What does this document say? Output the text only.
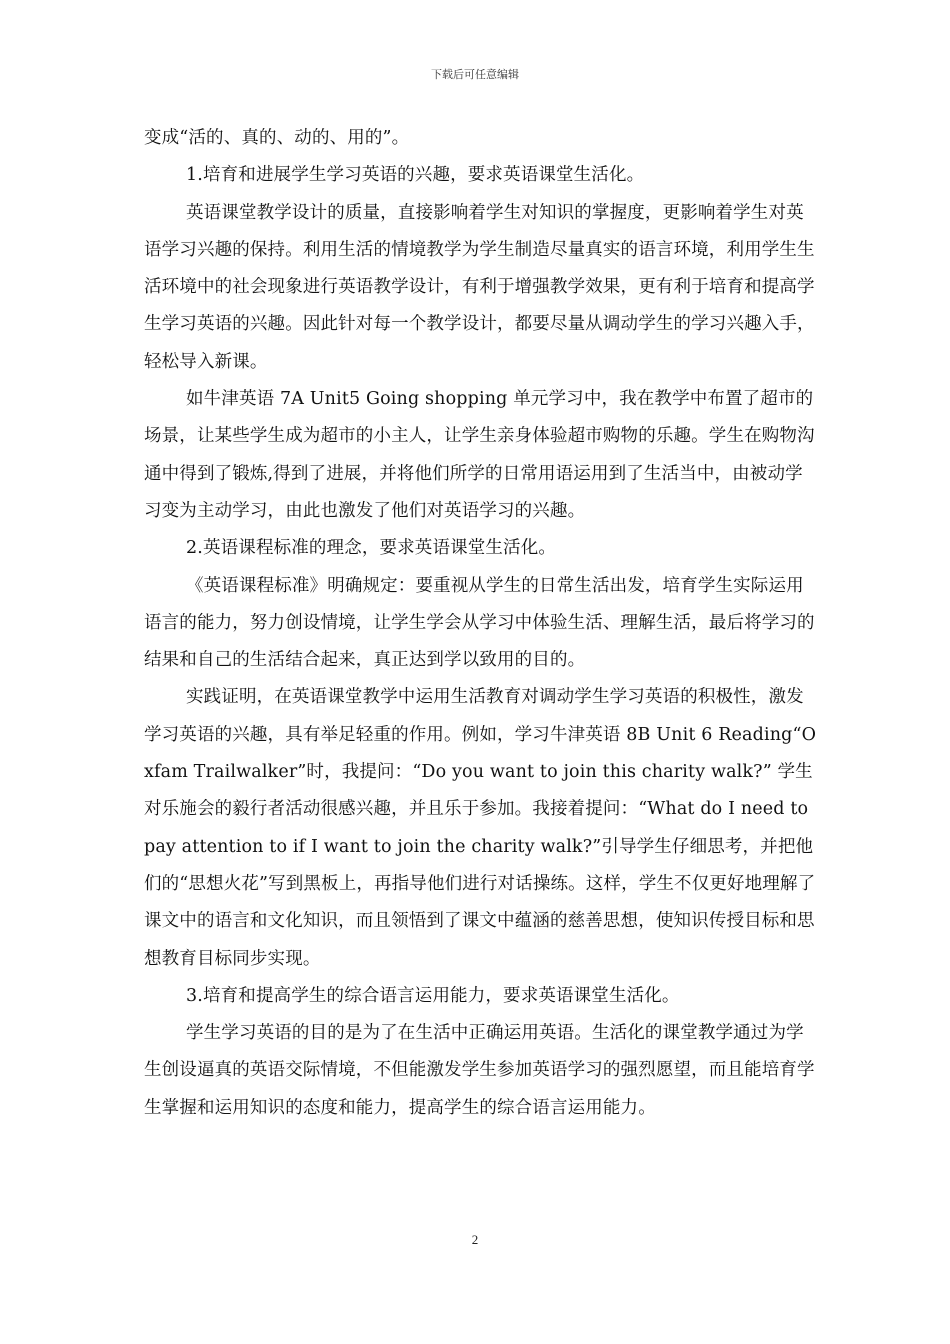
下载后可任意编辑

变成“活的、真的、动的、用的”。

1.培育和进展学生学习英语的兴趣，要求英语课堂生活化。

英语课堂教学设计的质量，直接影响着学生对知识的掌握度，更影响着学生对英语学习兴趣的保持。利用生活的情境教学为学生制造尽量真实的语言环境，利用学生生活环境中的社会现象进行英语教学设计，有利于增强教学效果，更有利于培育和提高学生学习英语的兴趣。因此针对每一个教学设计，都要尽量从调动学生的学习兴趣入手，轻松导入新课。

如牛津英语 7A Unit5 Going shopping 单元学习中，我在教学中布置了超市的场景，让某些学生成为超市的小主人，让学生亲身体验超市购物的乐趣。学生在购物沟通中得到了锻炼,得到了进展，并将他们所学的日常用语运用到了生活当中，由被动学习变为主动学习，由此也激发了他们对英语学习的兴趣。

2.英语课程标准的理念，要求英语课堂生活化。

《英语课程标准》明确规定：要重视从学生的日常生活出发，培育学生实际运用语言的能力，努力创设情境，让学生学会从学习中体验生活、理解生活，最后将学习的结果和自己的生活结合起来，真正达到学以致用的目的。

实践证明，在英语课堂教学中运用生活教育对调动学生学习英语的积极性，激发学习英语的兴趣，具有举足轻重的作用。例如，学习牛津英语 8B Unit 6 Reading“Oxfam Trailwalker”时，我提问：“Do you want to join this charity walk?” 学生对乐施会的毅行者活动很感兴趣，并且乐于参加。我接着提问：“What do I need to pay attention to if I want to join the charity walk?”引导学生仔细思考，并把他们的“思想火花”写到黑板上，再指导他们进行对话操练。这样，学生不仅更好地理解了课文中的语言和文化知识，而且领悟到了课文中蕴涵的慈善思想，使知识传授目标和思想教育目标同步实现。

3.培育和提高学生的综合语言运用能力，要求英语课堂生活化。

学生学习英语的目的是为了在生活中正确运用英语。生活化的课堂教学通过为学生创设逼真的英语交际情境，不但能激发学生参加英语学习的强烈愿望，而且能培育学生掌握和运用知识的态度和能力，提高学生的综合语言运用能力。

2
